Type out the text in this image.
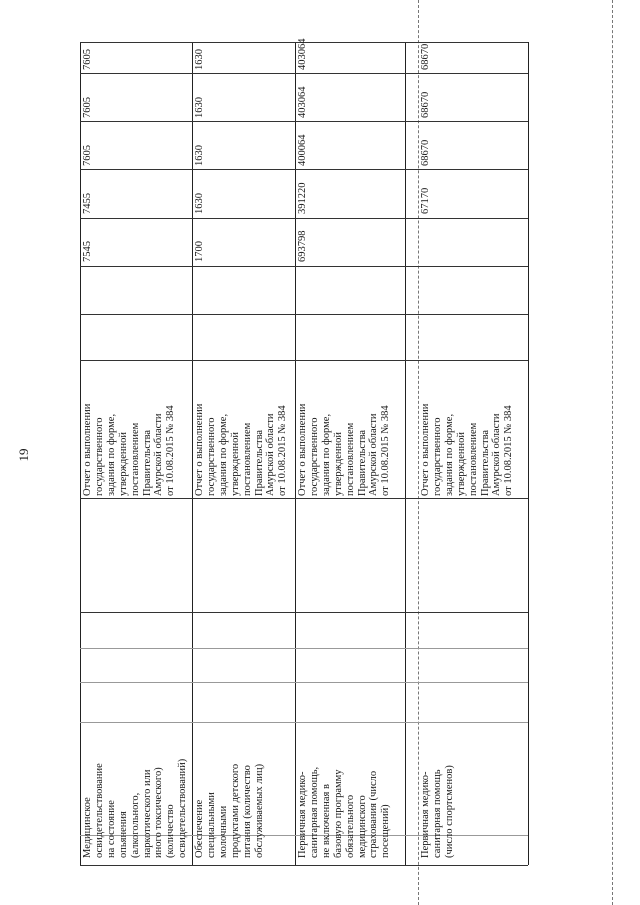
19
Медицинское
освидетельствование
на состояние
опьянения
(алкогольного,
наркотического или
иного токсического)
(количество
освидетельствований)
Отчет о выполнении
государственного
задания по форме,
утвержденной
постановлением
Правительства
Амурской области
от 10.08.2015 № 384
7545
7455
7605
7605
7605
Обеспечение
специальными
молочными
продуктами детского
питания (количество
обслуживаемых лиц)
Отчет о выполнении
государственного
задания по форме,
утвержденной
постановлением
Правительства
Амурской области
от 10.08.2015 № 384
1700
1630
1630
1630
1630
Первичная медико-
санитарная помощь,
не включенная в
базовую программу
обязательного
медицинского
страхования (число
посещений)
Отчет о выполнении
государственного
задания по форме,
утвержденной
постановлением
Правительства
Амурской области
от 10.08.2015 № 384
693798
391220
400064
403064
403064
Первичная медико-
санитарная помощь
(число спортсменов)
Отчет о выполнении
государственного
задания по форме,
утвержденной
постановлением
Правительства
Амурской области
от 10.08.2015 № 384
67170
68670
68670
68670
